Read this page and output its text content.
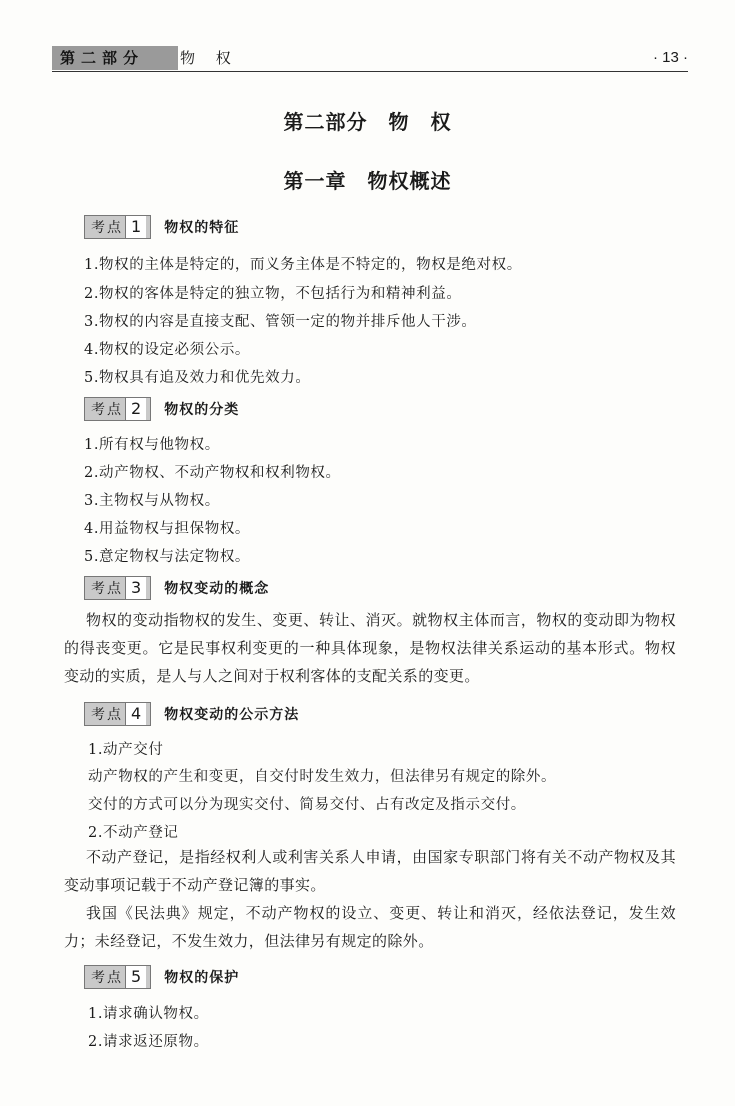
第二部分	物 权	· 13 ·
第二部分　物　权
第一章　物权概述
考点 1 物权的特征
1.物权的主体是特定的，而义务主体是不特定的，物权是绝对权。
2.物权的客体是特定的独立物，不包括行为和精神利益。
3.物权的内容是直接支配、管领一定的物并排斥他人干涉。
4.物权的设定必须公示。
5.物权具有追及效力和优先效力。
考点 2 物权的分类
1.所有权与他物权。
2.动产物权、不动产物权和权利物权。
3.主物权与从物权。
4.用益物权与担保物权。
5.意定物权与法定物权。
考点 3 物权变动的概念
物权的变动指物权的发生、变更、转让、消灭。就物权主体而言，物权的变动即为物权的得丧变更。它是民事权利变更的一种具体现象，是物权法律关系运动的基本形式。物权变动的实质，是人与人之间对于权利客体的支配关系的变更。
考点 4 物权变动的公示方法
1.动产交付
动产物权的产生和变更，自交付时发生效力，但法律另有规定的除外。
交付的方式可以分为现实交付、简易交付、占有改定及指示交付。
2.不动产登记
不动产登记，是指经权利人或利害关系人申请，由国家专职部门将有关不动产物权及其变动事项记载于不动产登记簿的事实。
我国《民法典》规定，不动产物权的设立、变更、转让和消灭，经依法登记，发生效力；未经登记，不发生效力，但法律另有规定的除外。
考点 5 物权的保护
1.请求确认物权。
2.请求返还原物。
